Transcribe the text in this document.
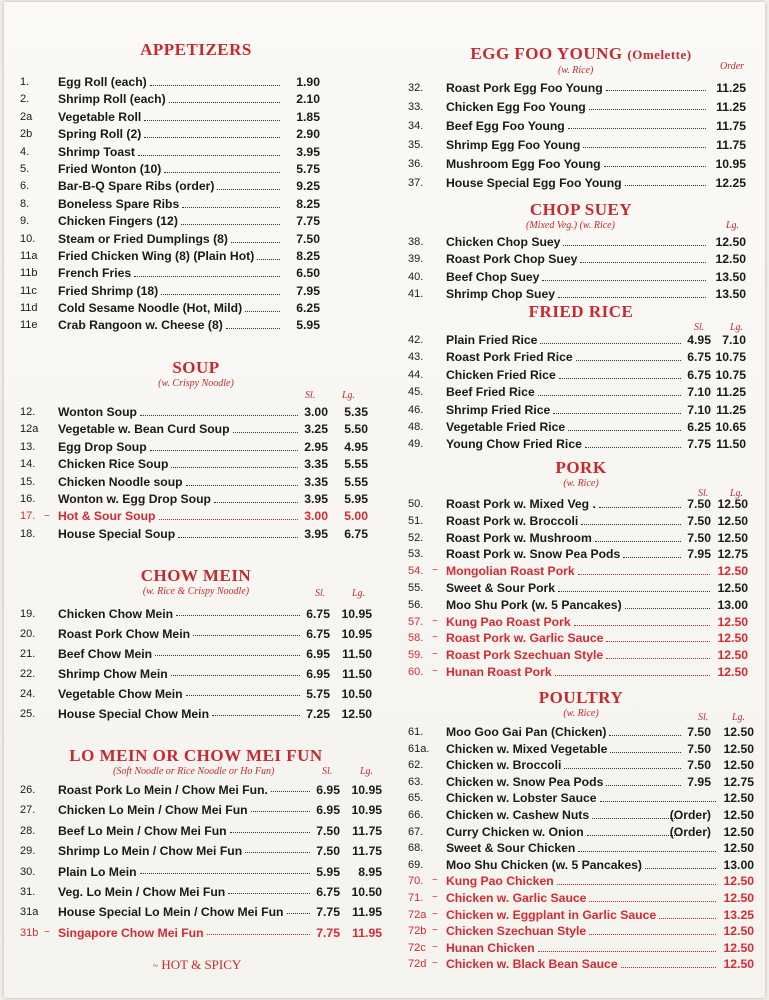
APPETIZERS
1.	Egg Roll (each)	1.90
2.	Shrimp Roll (each)	2.10
2a	Vegetable Roll	1.85
2b	Spring Roll (2)	2.90
4.	Shrimp Toast	3.95
5.	Fried Wonton (10)	5.75
6.	Bar-B-Q Spare Ribs (order)	9.25
8.	Boneless Spare Ribs	8.25
9.	Chicken Fingers (12)	7.75
10.	Steam or Fried Dumplings (8)	7.50
11a	Fried Chicken Wing (8) (Plain Hot)	8.25
11b	French Fries	6.50
11c	Fried Shrimp (18)	7.95
11d	Cold Sesame Noodle (Hot, Mild)	6.25
11e	Crab Rangoon w. Cheese (8)	5.95
SOUP
(w. Crispy Noodle)
Sl.	Lg.
12.	Wonton Soup	3.00	5.35
12a	Vegetable w. Bean Curd Soup	3.25	5.50
13.	Egg Drop Soup	2.95	4.95
14.	Chicken Rice Soup	3.35	5.55
15.	Chicken Noodle soup	3.35	5.55
16.	Wonton w. Egg Drop Soup	3.95	5.95
17. ~ Hot & Sour Soup	3.00	5.00
18.	House Special Soup	3.95	6.75
CHOW MEIN
(w. Rice & Crispy Noodle)	Sl.	Lg.
19.	Chicken Chow Mein	6.75 10.95
20.	Roast Pork Chow Mein	6.75 10.95
21.	Beef Chow Mein	6.95 11.50
22.	Shrimp Chow Mein	6.95 11.50
24.	Vegetable Chow Mein	5.75 10.50
25.	House Special Chow Mein	7.25 12.50
LO MEIN OR CHOW MEI FUN
(Soft Noodle or Rice Noodle or Ho Fun)	Sl.	Lg.
26.	Roast Pork Lo Mein / Chow Mei Fun.	6.95 10.95
27.	Chicken Lo Mein / Chow Mei Fun	6.95 10.95
28.	Beef Lo Mein / Chow Mei Fun	7.50 11.75
29.	Shrimp Lo Mein / Chow Mei Fun	7.50 11.75
30.	Plain Lo Mein	5.95	8.95
31.	Veg. Lo Mein / Chow Mei Fun	6.75 10.50
31a	House Special Lo Mein / Chow Mei Fun	7.75 11.95
31b ~ Singapore Chow Mei Fun	7.75 11.95
~ HOT & SPICY
EGG FOO YOUNG (Omelette)
(w. Rice)	Order
32.	Roast Pork Egg Foo Young	11.25
33.	Chicken Egg Foo Young	11.25
34.	Beef Egg Foo Young	11.75
35.	Shrimp Egg Foo Young	11.75
36.	Mushroom Egg Foo Young	10.95
37.	House Special Egg Foo Young	12.25
CHOP SUEY
(Mixed Veg.) (w. Rice)	Lg.
38.	Chicken Chop Suey	12.50
39.	Roast Pork Chop Suey	12.50
40.	Beef Chop Suey	13.50
41.	Shrimp Chop Suey	13.50
FRIED RICE
Sl.	Lg.
42.	Plain Fried Rice	4.95 7.10
43.	Roast Pork Fried Rice	6.75 10.75
44.	Chicken Fried Rice	6.75 10.75
45.	Beef Fried Rice	7.10 11.25
46.	Shrimp Fried Rice	7.10 11.25
48.	Vegetable Fried Rice	6.25 10.65
49.	Young Chow Fried Rice	7.75 11.50
PORK
(w. Rice)
Sl. Lg.
50.	Roast Pork w. Mixed Veg .	7.50 12.50
51.	Roast Pork w. Broccoli	7.50 12.50
52.	Roast Pork w. Mushroom	7.50 12.50
53.	Roast Pork w. Snow Pea Pods	7.95 12.75
54. ~ Mongolian Roast Pork	12.50
55.	Sweet & Sour Pork	12.50
56.	Moo Shu Pork (w. 5 Pancakes)	13.00
57. ~ Kung Pao Roast Pork	12.50
58. ~ Roast Pork w. Garlic Sauce	12.50
59. ~ Roast Pork Szechuan Style	12.50
60. ~ Hunan Roast Pork	12.50
POULTRY
(w. Rice)	Sl. Lg.
61.	Moo Goo Gai Pan (Chicken)	7.50	12.50
61a.	Chicken w. Mixed Vegetable	7.50	12.50
62.	Chicken w. Broccoli	7.50	12.50
63.	Chicken w. Snow Pea Pods	7.95	12.75
65.	Chicken w. Lobster Sauce	12.50
66.	Chicken w. Cashew Nuts	(Order)	12.50
67.	Curry Chicken w. Onion	(Order)	12.50
68.	Sweet & Sour Chicken	12.50
69.	Moo Shu Chicken (w. 5 Pancakes)	13.00
70. ~ Kung Pao Chicken	12.50
71. ~ Chicken w. Garlic Sauce	12.50
72a ~ Chicken w. Eggplant in Garlic Sauce	13.25
72b ~ Chicken Szechuan Style	12.50
72c ~ Hunan Chicken	12.50
72d ~ Chicken w. Black Bean Sauce	12.50
